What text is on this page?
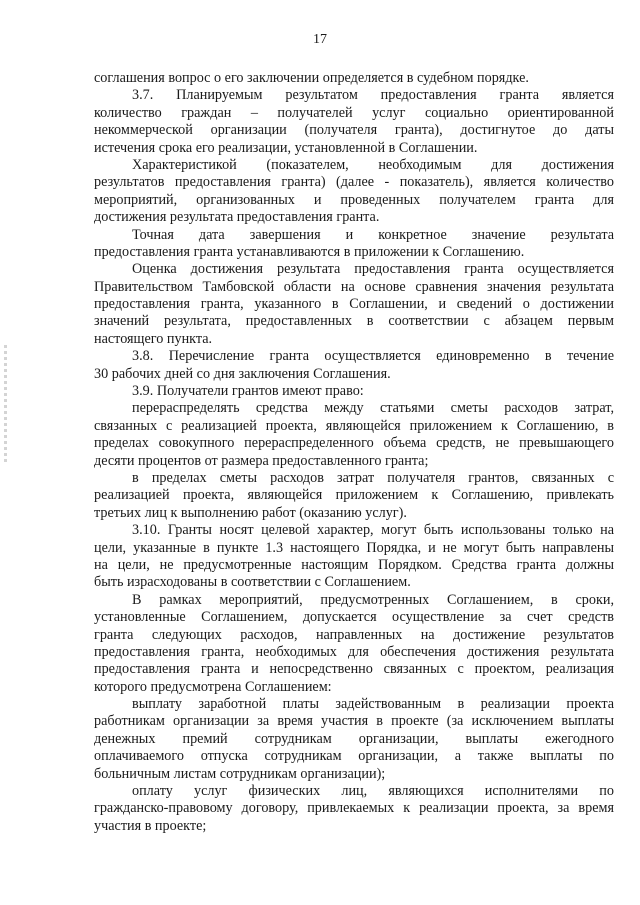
17
соглашения вопрос о его заключении определяется в судебном порядке.
3.7. Планируемым результатом предоставления гранта является
количество граждан – получателей услуг социально ориентированной
некоммерческой организации (получателя гранта), достигнутое до даты
истечения срока его реализации, установленной в Соглашении.
Характеристикой (показателем, необходимым для достижения
результатов предоставления гранта) (далее - показатель), является количество
мероприятий, организованных и проведенных получателем гранта для
достижения результата предоставления гранта.
Точная дата завершения и конкретное значение результата
предоставления гранта устанавливаются в приложении к Соглашению.
Оценка достижения результата предоставления гранта осуществляется
Правительством Тамбовской области на основе сравнения значения результата
предоставления гранта, указанного в Соглашении, и сведений о достижении
значений результата, предоставленных в соответствии с абзацем первым
настоящего пункта.
3.8. Перечисление гранта осуществляется единовременно в течение
30 рабочих дней со дня заключения Соглашения.
3.9. Получатели грантов имеют право:
перераспределять средства между статьями сметы расходов затрат,
связанных с реализацией проекта, являющейся приложением к Соглашению, в
пределах совокупного перераспределенного объема средств, не превышающего
десяти процентов от размера предоставленного гранта;
в пределах сметы расходов затрат получателя грантов, связанных с
реализацией проекта, являющейся приложением к Соглашению, привлекать
третьих лиц к выполнению работ (оказанию услуг).
3.10. Гранты носят целевой характер, могут быть использованы только на
цели, указанные в пункте 1.3 настоящего Порядка, и не могут быть направлены
на цели, не предусмотренные настоящим Порядком. Средства гранта должны
быть израсходованы в соответствии с Соглашением.
В рамках мероприятий, предусмотренных Соглашением, в сроки,
установленные Соглашением, допускается осуществление за счет средств
гранта следующих расходов, направленных на достижение результатов
предоставления гранта, необходимых для обеспечения достижения результата
предоставления гранта и непосредственно связанных с проектом, реализация
которого предусмотрена Соглашением:
выплату заработной платы задействованным в реализации проекта
работникам организации за время участия в проекте (за исключением выплаты
денежных премий сотрудникам организации, выплаты ежегодного
оплачиваемого отпуска сотрудникам организации, а также выплаты по
больничным листам сотрудникам организации);
оплату услуг физических лиц, являющихся исполнителями по
гражданско-правовому договору, привлекаемых к реализации проекта, за время
участия в проекте;
